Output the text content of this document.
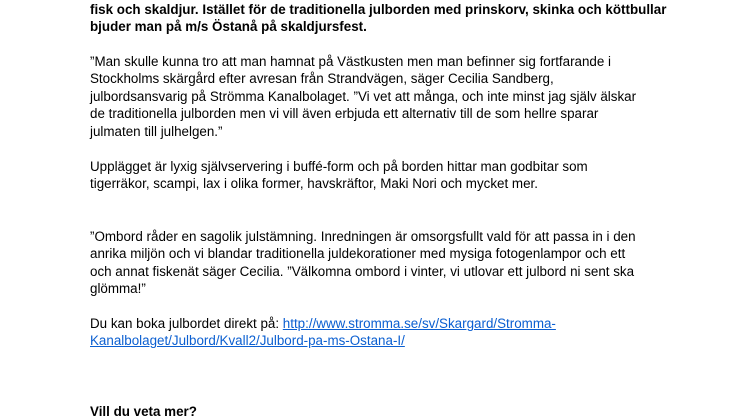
fisk och skaldjur. Istället för de traditionella julborden med prinskorv, skinka och köttbullar
bjuder man på m/s Östanå på skaldjursfest.

”Man skulle kunna tro att man hamnat på Västkusten men man befinner sig fortfarande i
Stockholms skärgård efter avresan från Strandvägen, säger Cecilia Sandberg,
julbordsansvarig på Strömma Kanalbolaget. ”Vi vet att många, och inte minst jag själv älskar
de traditionella julborden men vi vill även erbjuda ett alternativ till de som hellre sparar
julmaten till julhelgen.”

Upplägget är lyxig självservering i buffé-form och på borden hittar man godbitar som
tigerräkor, scampi, lax i olika former, havskräftor, Maki Nori och mycket mer.

”Ombord råder en sagolik julstämning. Inredningen är omsorgsfullt vald för att passa in i den
anrika miljön och vi blandar traditionella juldekorationer med mysiga fotogenlampor och ett
och annat fiskenät säger Cecilia. ”Välkomna ombord i vinter, vi utlovar ett julbord ni sent ska
glömma!”

Du kan boka julbordet direkt på: http://www.stromma.se/sv/Skargard/Stromma-
Kanalbolaget/Julbord/Kvall2/Julbord-pa-ms-Ostana-I/

Vill du veta mer?
